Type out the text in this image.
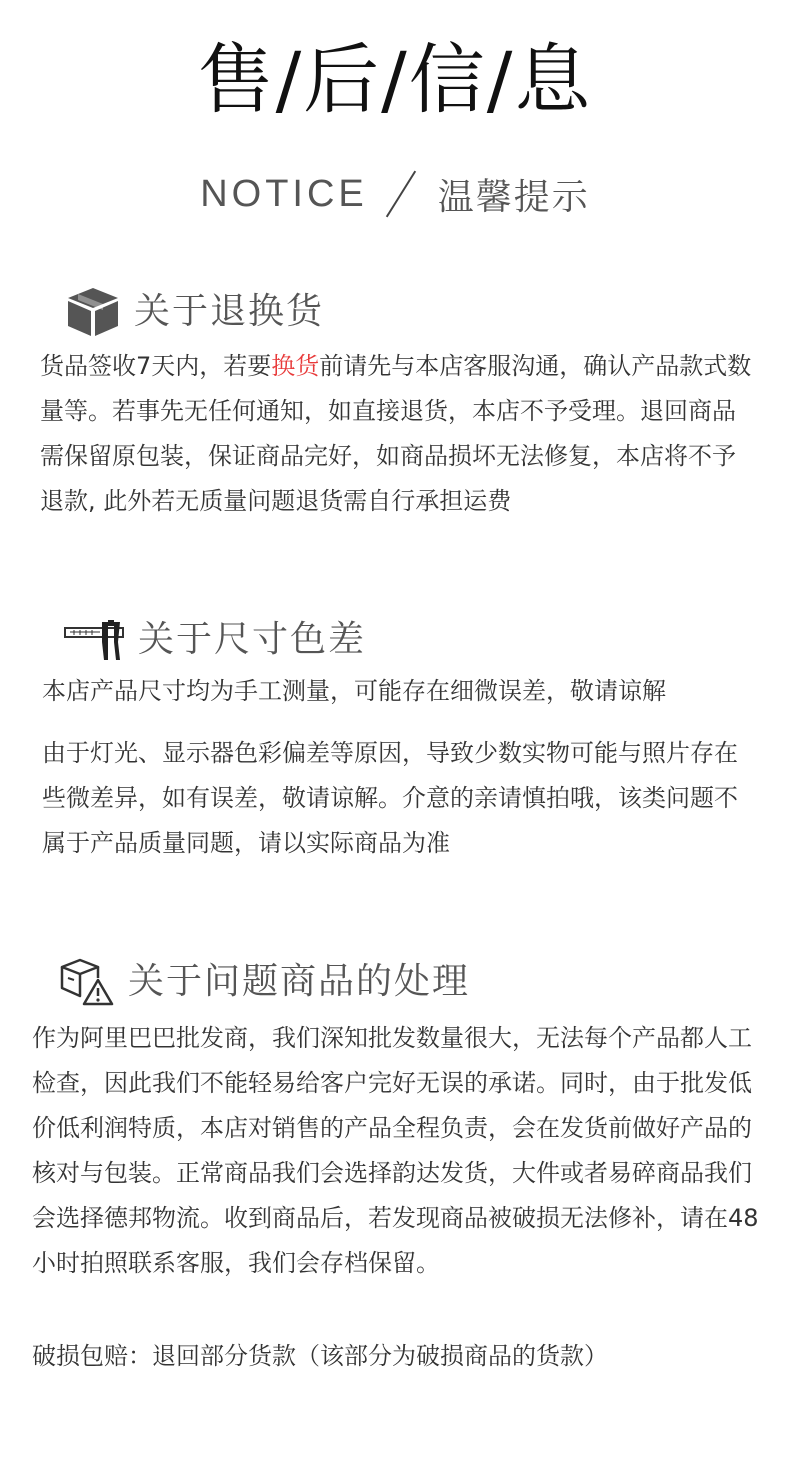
售/后/信/息
NOTICE 温馨提示
关于退换货

货品签收7天内，若要换货前请先与本店客服沟通，确认产品款式数量等。若事先无任何通知，如直接退货，本店不予受理。退回商品需保留原包装，保证商品完好，如商品损坏无法修复，本店将不予退款, 此外若无质量问题退货需自行承担运费

关于尺寸色差

本店产品尺寸均为手工测量，可能存在细微误差，敬请谅解

由于灯光、显示器色彩偏差等原因，导致少数实物可能与照片存在些微差异，如有误差，敬请谅解。介意的亲请慎拍哦，该类问题不属于产品质量同题，请以实际商品为准

关于问题商品的处理

作为阿里巴巴批发商，我们深知批发数量很大，无法每个产品都人工检查，因此我们不能轻易给客户完好无误的承诺。同时，由于批发低价低利润特质，本店对销售的产品全程负责，会在发货前做好产品的核对与包装。正常商品我们会选择韵达发货，大件或者易碎商品我们会选择德邦物流。收到商品后，若发现商品被破损无法修补，请在48小时拍照联系客服，我们会存档保留。

破损包赔：退回部分货款（该部分为破损商品的货款）
